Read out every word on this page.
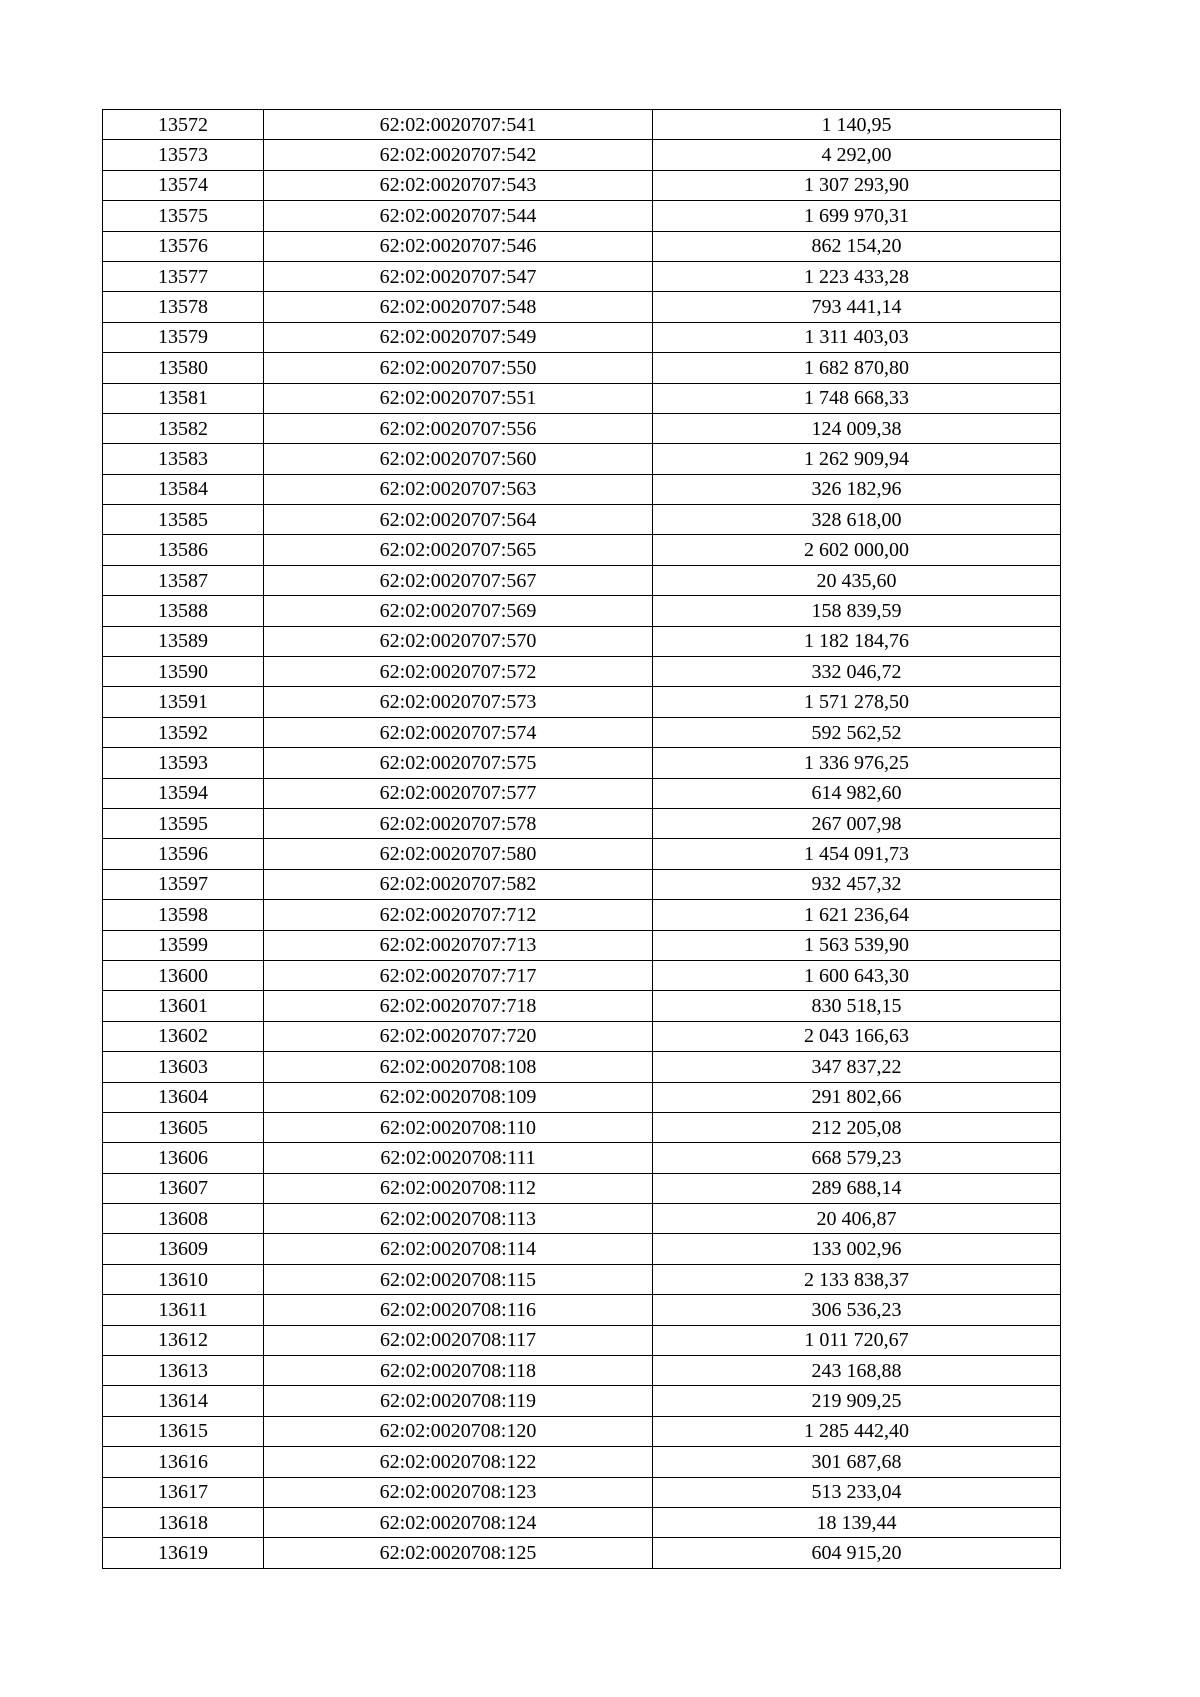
13572	62:02:0020707:541	1 140,95
13573	62:02:0020707:542	4 292,00
13574	62:02:0020707:543	1 307 293,90
13575	62:02:0020707:544	1 699 970,31
13576	62:02:0020707:546	862 154,20
13577	62:02:0020707:547	1 223 433,28
13578	62:02:0020707:548	793 441,14
13579	62:02:0020707:549	1 311 403,03
13580	62:02:0020707:550	1 682 870,80
13581	62:02:0020707:551	1 748 668,33
13582	62:02:0020707:556	124 009,38
13583	62:02:0020707:560	1 262 909,94
13584	62:02:0020707:563	326 182,96
13585	62:02:0020707:564	328 618,00
13586	62:02:0020707:565	2 602 000,00
13587	62:02:0020707:567	20 435,60
13588	62:02:0020707:569	158 839,59
13589	62:02:0020707:570	1 182 184,76
13590	62:02:0020707:572	332 046,72
13591	62:02:0020707:573	1 571 278,50
13592	62:02:0020707:574	592 562,52
13593	62:02:0020707:575	1 336 976,25
13594	62:02:0020707:577	614 982,60
13595	62:02:0020707:578	267 007,98
13596	62:02:0020707:580	1 454 091,73
13597	62:02:0020707:582	932 457,32
13598	62:02:0020707:712	1 621 236,64
13599	62:02:0020707:713	1 563 539,90
13600	62:02:0020707:717	1 600 643,30
13601	62:02:0020707:718	830 518,15
13602	62:02:0020707:720	2 043 166,63
13603	62:02:0020708:108	347 837,22
13604	62:02:0020708:109	291 802,66
13605	62:02:0020708:110	212 205,08
13606	62:02:0020708:111	668 579,23
13607	62:02:0020708:112	289 688,14
13608	62:02:0020708:113	20 406,87
13609	62:02:0020708:114	133 002,96
13610	62:02:0020708:115	2 133 838,37
13611	62:02:0020708:116	306 536,23
13612	62:02:0020708:117	1 011 720,67
13613	62:02:0020708:118	243 168,88
13614	62:02:0020708:119	219 909,25
13615	62:02:0020708:120	1 285 442,40
13616	62:02:0020708:122	301 687,68
13617	62:02:0020708:123	513 233,04
13618	62:02:0020708:124	18 139,44
13619	62:02:0020708:125	604 915,20
